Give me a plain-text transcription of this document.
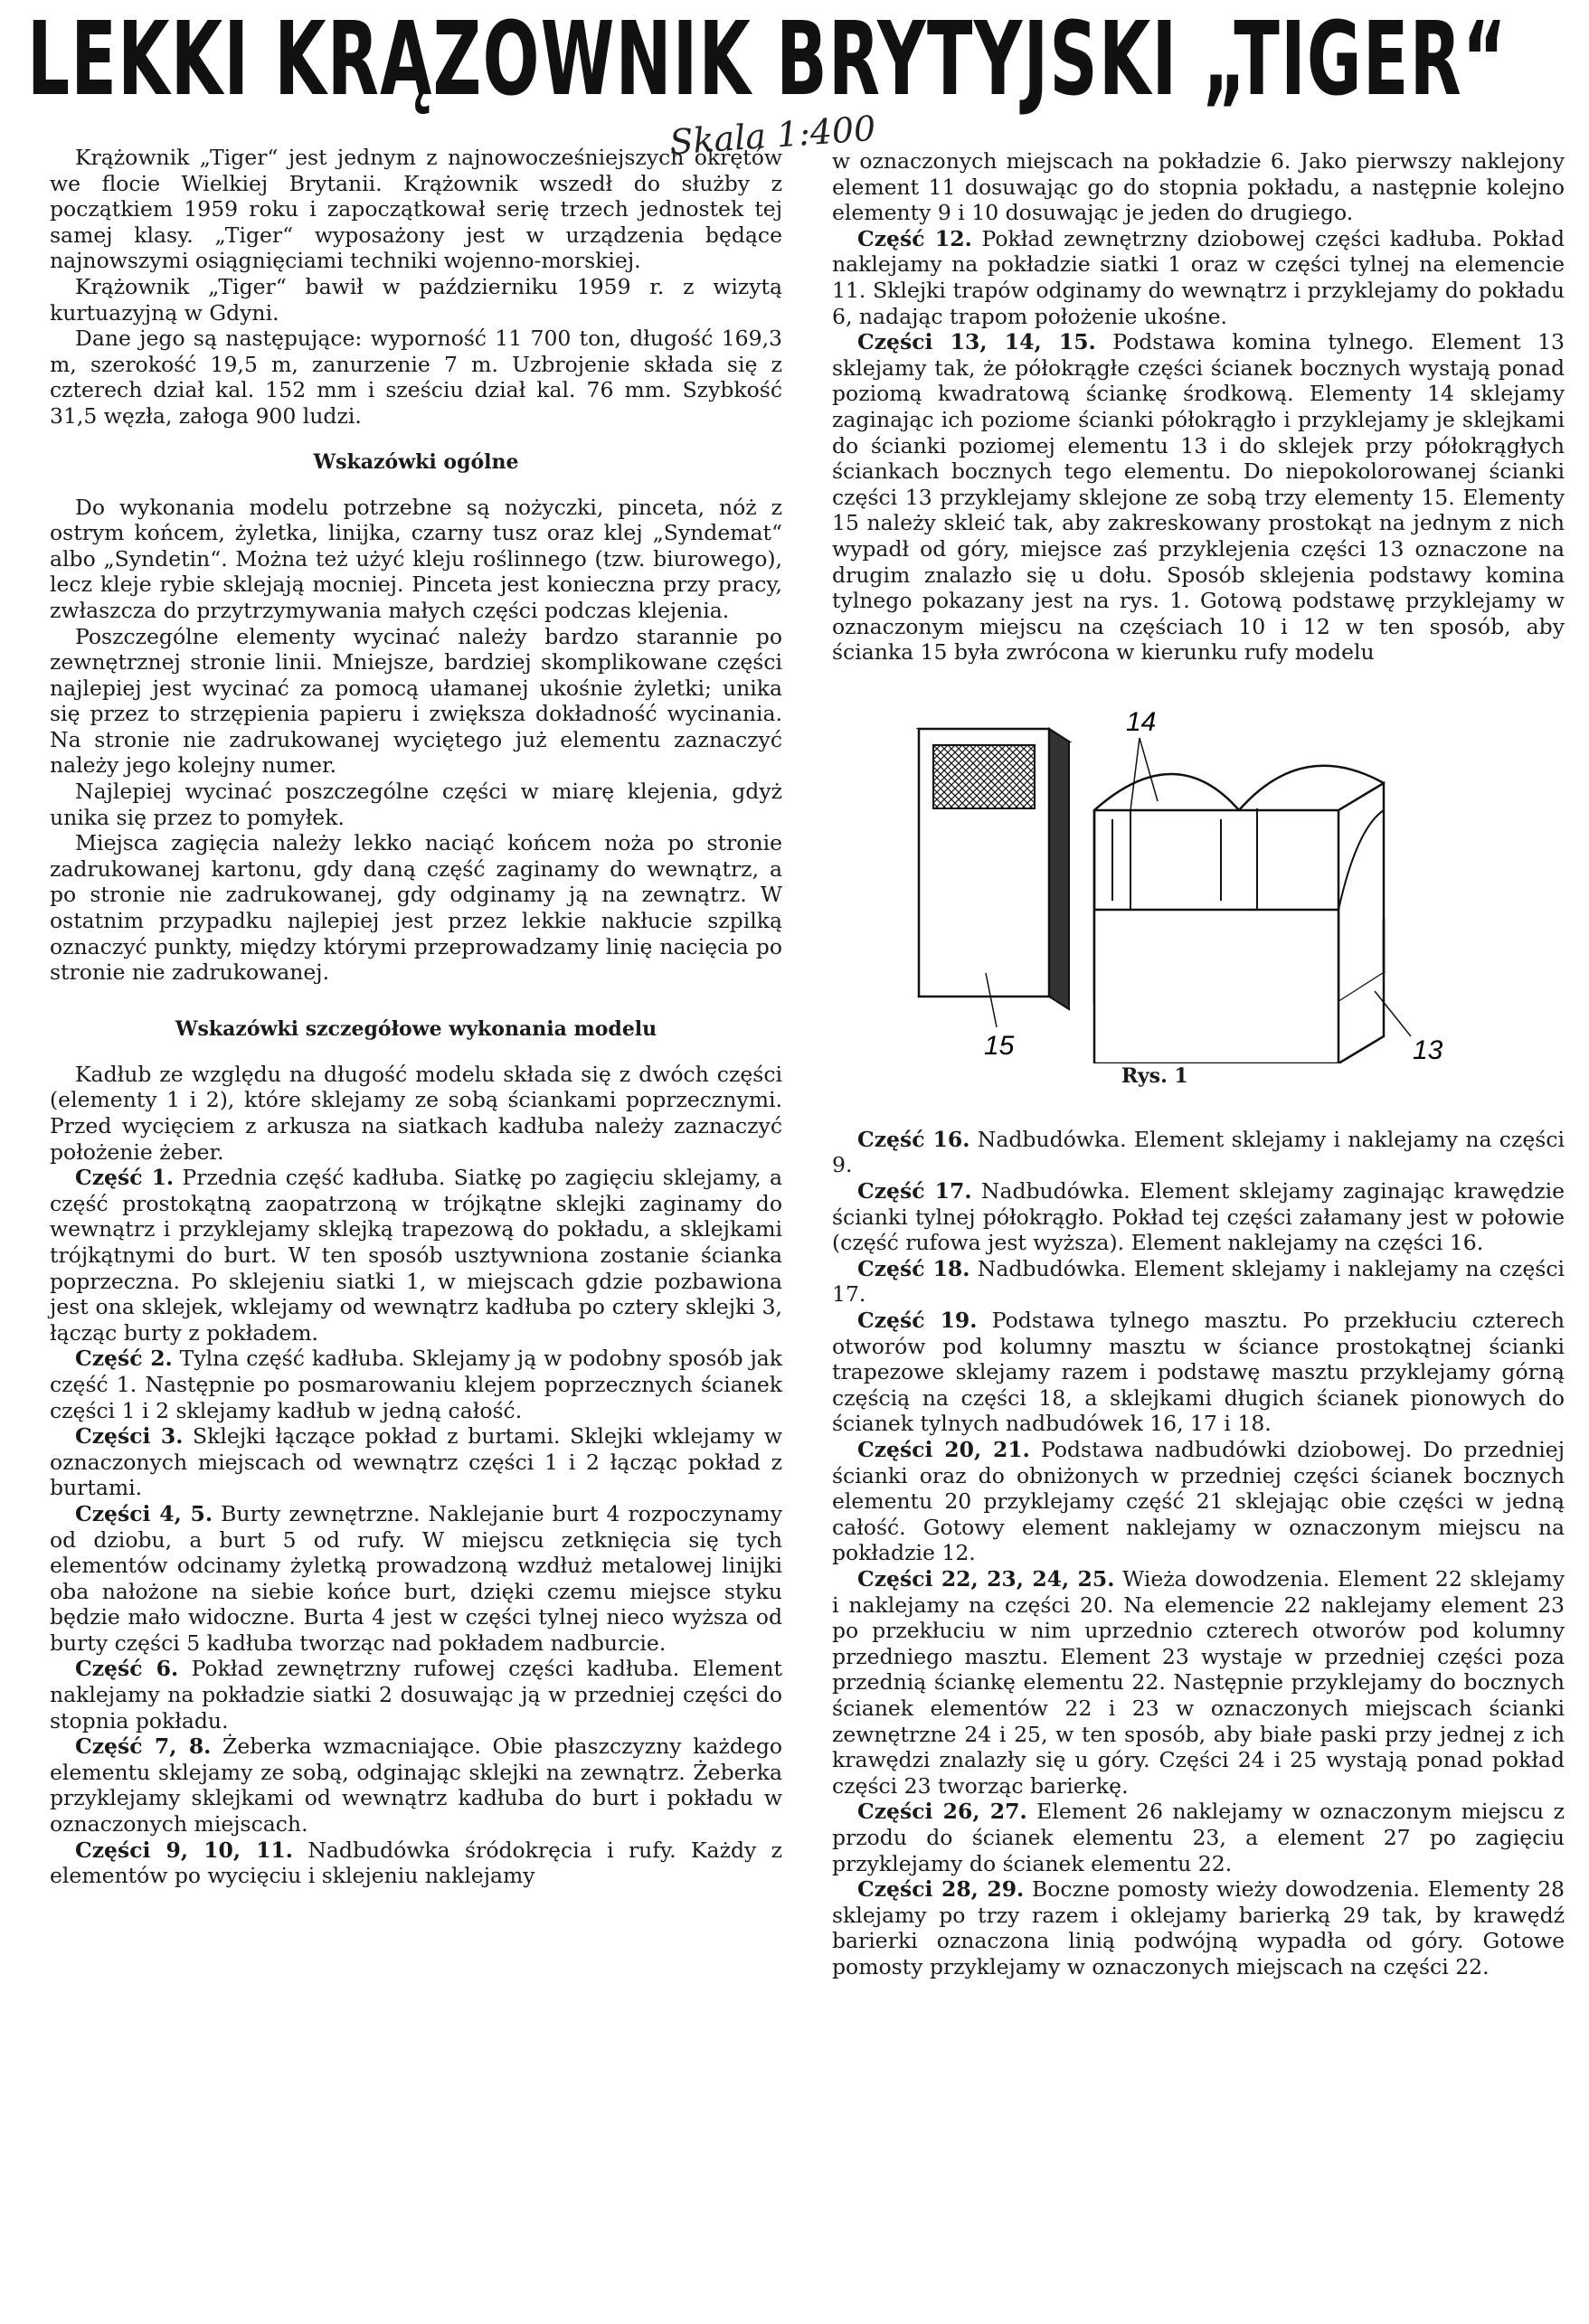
LEKKI KRĄZOWNIK BRYTYJSKI „TIGER“
Skala 1:400

Krążownik „Tiger“ jest jednym z najnowocześniejszych okrętów we flocie Wielkiej Brytanii. Krążownik wszedł do służby z początkiem 1959 roku i zapoczątkował serię trzech jednostek tej samej klasy. „Tiger“ wyposażony jest w urządzenia będące najnowszymi osiągnięciami techniki wojenno-morskiej.

Krążownik „Tiger“ bawił w październiku 1959 r. z wizytą kurtuazyjną w Gdyni.

Dane jego są następujące: wyporność 11 700 ton, długość 169,3 m, szerokość 19,5 m, zanurzenie 7 m. Uzbrojenie składa się z czterech dział kal. 152 mm i sześciu dział kal. 76 mm. Szybkość 31,5 węzła, załoga 900 ludzi.

Wskazówki ogólne

Do wykonania modelu potrzebne są nożyczki, pinceta, nóż z ostrym końcem, żyletka, linijka, czarny tusz oraz klej „Syndemat“ albo „Syndetin“. Można też użyć kleju roślinnego (tzw. biurowego), lecz kleje rybie sklejają mocniej. Pinceta jest konieczna przy pracy, zwłaszcza do przytrzymywania małych części podczas klejenia.

Poszczególne elementy wycinać należy bardzo starannie po zewnętrznej stronie linii. Mniejsze, bardziej skomplikowane części najlepiej jest wycinać za pomocą ułamanej ukośnie żyletki; unika się przez to strzępienia papieru i zwiększa dokładność wycinania. Na stronie nie zadrukowanej wyciętego już elementu zaznaczyć należy jego kolejny numer.

Najlepiej wycinać poszczególne części w miarę klejenia, gdyż unika się przez to pomyłek.

Miejsca zagięcia należy lekko naciąć końcem noża po stronie zadrukowanej kartonu, gdy daną część zaginamy do wewnątrz, a po stronie nie zadrukowanej, gdy odginamy ją na zewnątrz. W ostatnim przypadku najlepiej jest przez lekkie nakłucie szpilką oznaczyć punkty, między którymi przeprowadzamy linię nacięcia po stronie nie zadrukowanej.

Wskazówki szczegółowe wykonania modelu

Kadłub ze względu na długość modelu składa się z dwóch części (elementy 1 i 2), które sklejamy ze sobą ściankami poprzecznymi. Przed wycięciem z arkusza na siatkach kadłuba należy zaznaczyć położenie żeber.

Część 1. Przednia część kadłuba. Siatkę po zagięciu sklejamy, a część prostokątną zaopatrzoną w trójkątne sklejki zaginamy do wewnątrz i przyklejamy sklejką trapezową do pokładu, a sklejkami trójkątnymi do burt. W ten sposób usztywniona zostanie ścianka poprzeczna. Po sklejeniu siatki 1, w miejscach gdzie pozbawiona jest ona sklejek, wklejamy od wewnątrz kadłuba po cztery sklejki 3, łącząc burty z pokładem.

Część 2. Tylna część kadłuba. Sklejamy ją w podobny sposób jak część 1. Następnie po posmarowaniu klejem poprzecznych ścianek części 1 i 2 sklejamy kadłub w jedną całość.

Części 3. Sklejki łączące pokład z burtami. Sklejki wklejamy w oznaczonych miejscach od wewnątrz części 1 i 2 łącząc pokład z burtami.

Części 4, 5. Burty zewnętrzne. Naklejanie burt 4 rozpoczynamy od dziobu, a burt 5 od rufy. W miejscu zetknięcia się tych elementów odcinamy żyletką prowadzoną wzdłuż metalowej linijki oba nałożone na siebie końce burt, dzięki czemu miejsce styku będzie mało widoczne. Burta 4 jest w części tylnej nieco wyższa od burty części 5 kadłuba tworząc nad pokładem nadburcie.

Część 6. Pokład zewnętrzny rufowej części kadłuba. Element naklejamy na pokładzie siatki 2 dosuwając ją w przedniej części do stopnia pokładu.

Część 7, 8. Żeberka wzmacniające. Obie płaszczyzny każdego elementu sklejamy ze sobą, odginając sklejki na zewnątrz. Żeberka przyklejamy sklejkami od wewnątrz kadłuba do burt i pokładu w oznaczonych miejscach.

Części 9, 10, 11. Nadbudówka śródokręcia i rufy. Każdy z elementów po wycięciu i sklejeniu naklejamy

w oznaczonych miejscach na pokładzie 6. Jako pierwszy naklejony element 11 dosuwając go do stopnia pokładu, a następnie kolejno elementy 9 i 10 dosuwając je jeden do drugiego.

Część 12. Pokład zewnętrzny dziobowej części kadłuba. Pokład naklejamy na pokładzie siatki 1 oraz w części tylnej na elemencie 11. Sklejki trapów odginamy do wewnątrz i przyklejamy do pokładu 6, nadając trapom położenie ukośne.

Części 13, 14, 15. Podstawa komina tylnego. Element 13 sklejamy tak, że półokrągłe części ścianek bocznych wystają ponad poziomą kwadratową ściankę środkową. Elementy 14 sklejamy zaginając ich poziome ścianki półokrągło i przyklejamy je sklejkami do ścianki poziomej elementu 13 i do sklejek przy półokrągłych ściankach bocznych tego elementu. Do niepokolorowanej ścianki części 13 przyklejamy sklejone ze sobą trzy elementy 15. Elementy 15 należy skleić tak, aby zakreskowany prostokąt na jednym z nich wypadł od góry, miejsce zaś przyklejenia części 13 oznaczone na drugim znalazło się u dołu. Sposób sklejenia podstawy komina tylnego pokazany jest na rys. 1. Gotową podstawę przyklejamy w oznaczonym miejscu na częściach 10 i 12 w ten sposób, aby ścianka 15 była zwrócona w kierunku rufy modelu

14
15	13
Rys. 1

Część 16. Nadbudówka. Element sklejamy i naklejamy na części 9.

Część 17. Nadbudówka. Element sklejamy zaginając krawędzie ścianki tylnej półokrągło. Pokład tej części załamany jest w połowie (część rufowa jest wyższa). Element naklejamy na części 16.

Część 18. Nadbudówka. Element sklejamy i naklejamy na części 17.

Część 19. Podstawa tylnego masztu. Po przekłuciu czterech otworów pod kolumny masztu w ściance prostokątnej ścianki trapezowe sklejamy razem i podstawę masztu przyklejamy górną częścią na części 18, a sklejkami długich ścianek pionowych do ścianek tylnych nadbudówek 16, 17 i 18.

Części 20, 21. Podstawa nadbudówki dziobowej. Do przedniej ścianki oraz do obniżonych w przedniej części ścianek bocznych elementu 20 przyklejamy część 21 sklejając obie części w jedną całość. Gotowy element naklejamy w oznaczonym miejscu na pokładzie 12.

Części 22, 23, 24, 25. Wieża dowodzenia. Element 22 sklejamy i naklejamy na części 20. Na elemencie 22 naklejamy element 23 po przekłuciu w nim uprzednio czterech otworów pod kolumny przedniego masztu. Element 23 wystaje w przedniej części poza przednią ściankę elementu 22. Następnie przyklejamy do bocznych ścianek elementów 22 i 23 w oznaczonych miejscach ścianki zewnętrzne 24 i 25, w ten sposób, aby białe paski przy jednej z ich krawędzi znalazły się u góry. Części 24 i 25 wystają ponad pokład części 23 tworząc barierkę.

Części 26, 27. Element 26 naklejamy w oznaczonym miejscu z przodu do ścianek elementu 23, a element 27 po zagięciu przyklejamy do ścianek elementu 22.

Części 28, 29. Boczne pomosty wieży dowodzenia. Elementy 28 sklejamy po trzy razem i oklejamy barierką 29 tak, by krawędź barierki oznaczona linią podwójną wypadła od góry. Gotowe pomosty przyklejamy w oznaczonych miejscach na części 22.
